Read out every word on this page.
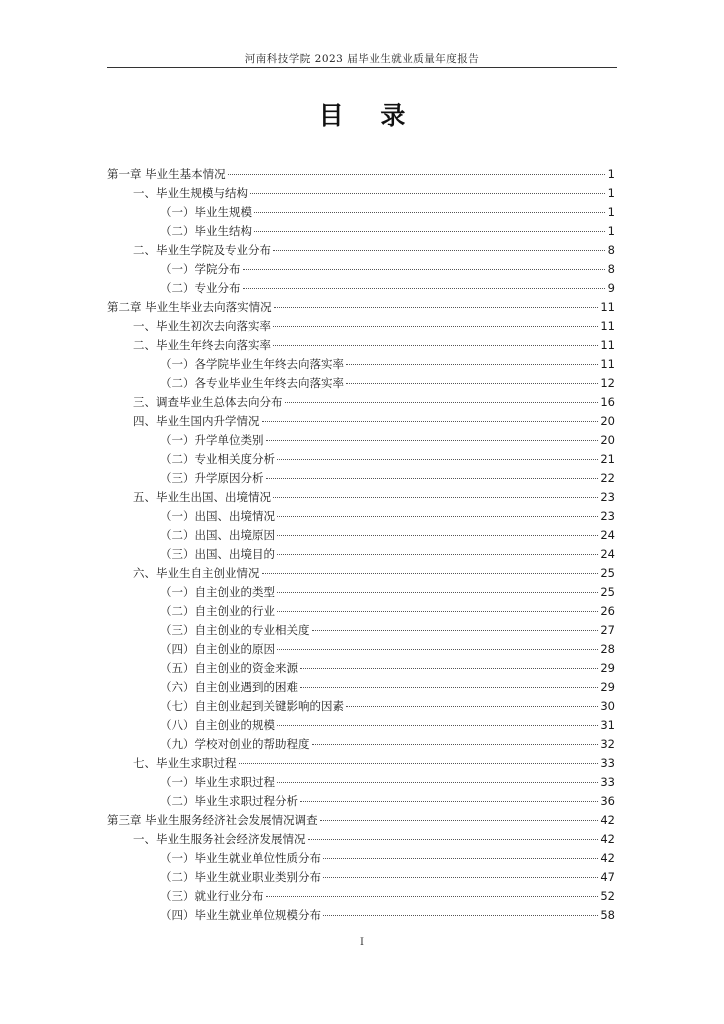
河南科技学院 2023 届毕业生就业质量年度报告
目 录
第一章 毕业生基本情况	1
一、毕业生规模与结构	1
（一）毕业生规模	1
（二）毕业生结构	1
二、毕业生学院及专业分布	8
（一）学院分布	8
（二）专业分布	9
第二章 毕业生毕业去向落实情况	11
一、毕业生初次去向落实率	11
二、毕业生年终去向落实率	11
（一）各学院毕业生年终去向落实率	11
（二）各专业毕业生年终去向落实率	12
三、调查毕业生总体去向分布	16
四、毕业生国内升学情况	20
（一）升学单位类别	20
（二）专业相关度分析	21
（三）升学原因分析	22
五、毕业生出国、出境情况	23
（一）出国、出境情况	23
（二）出国、出境原因	24
（三）出国、出境目的	24
六、毕业生自主创业情况	25
（一）自主创业的类型	25
（二）自主创业的行业	26
（三）自主创业的专业相关度	27
（四）自主创业的原因	28
（五）自主创业的资金来源	29
（六）自主创业遇到的困难	29
（七）自主创业起到关键影响的因素	30
（八）自主创业的规模	31
（九）学校对创业的帮助程度	32
七、毕业生求职过程	33
（一）毕业生求职过程	33
（二）毕业生求职过程分析	36
第三章 毕业生服务经济社会发展情况调查	42
一、毕业生服务社会经济发展情况	42
（一）毕业生就业单位性质分布	42
（二）毕业生就业职业类别分布	47
（三）就业行业分布	52
（四）毕业生就业单位规模分布	58
I
